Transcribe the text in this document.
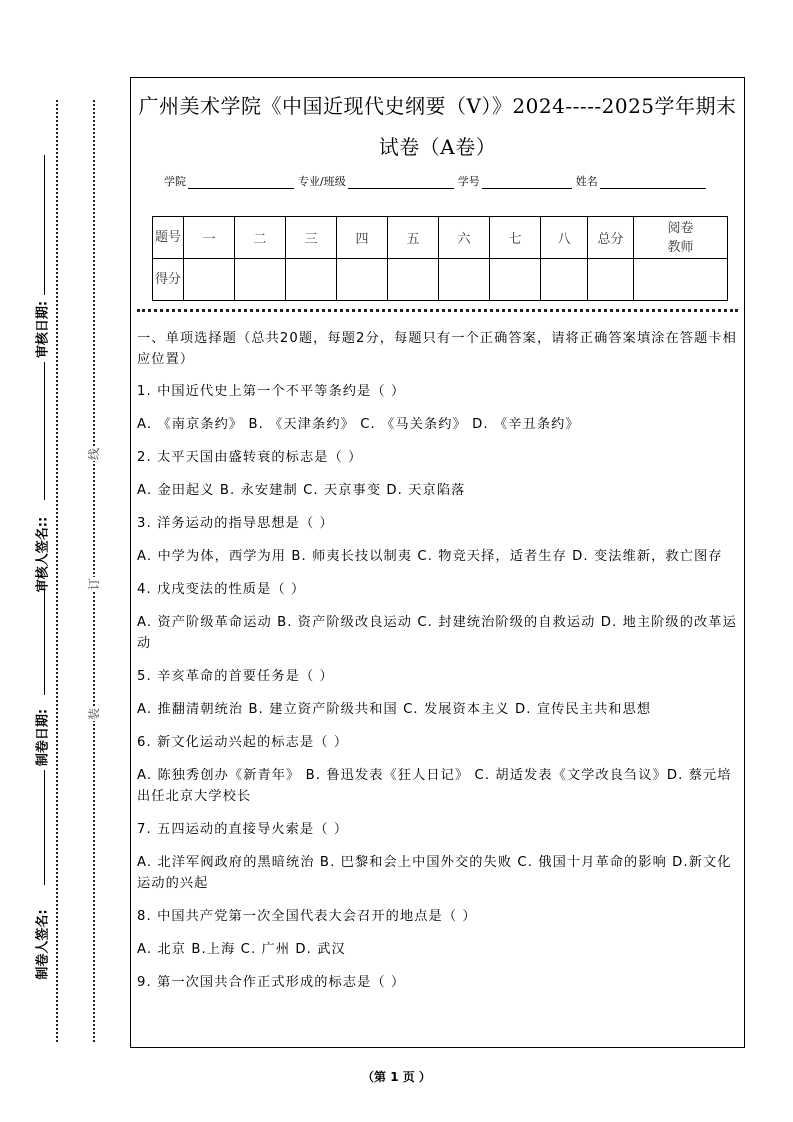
审核日期:
审核人签名::
制卷日期:
制卷人签名:
线
订
装
广州美术学院《中国近现代史纲要（V）》2024-----2025学年期末
试卷（A卷）
学院	专业/班级	学号	姓名
题号	一	二	三	四	五	六	七	八	总分	阅卷教师
得分										

一、单项选择题（总共20题，每题2分，每题只有一个正确答案，请将正确答案填涂在答题卡相应位置）

1. 中国近代史上第一个不平等条约是（ ）

A. 《南京条约》 B. 《天津条约》 C. 《马关条约》 D. 《辛丑条约》

2. 太平天国由盛转衰的标志是（ ）

A. 金田起义 B. 永安建制 C. 天京事变 D. 天京陷落

3. 洋务运动的指导思想是（ ）

A. 中学为体，西学为用 B. 师夷长技以制夷 C. 物竞天择，适者生存 D. 变法维新，救亡图存

4. 戊戌变法的性质是（ ）

A. 资产阶级革命运动 B. 资产阶级改良运动 C. 封建统治阶级的自救运动 D. 地主阶级的改革运动

5. 辛亥革命的首要任务是（ ）

A. 推翻清朝统治 B. 建立资产阶级共和国 C. 发展资本主义 D. 宣传民主共和思想

6. 新文化运动兴起的标志是（ ）

A. 陈独秀创办《新青年》 B. 鲁迅发表《狂人日记》 C. 胡适发表《文学改良刍议》D. 蔡元培出任北京大学校长

7. 五四运动的直接导火索是（ ）

A. 北洋军阀政府的黑暗统治 B. 巴黎和会上中国外交的失败 C. 俄国十月革命的影响 D.新文化运动的兴起

8. 中国共产党第一次全国代表大会召开的地点是（ ）

A. 北京 B.上海 C. 广州 D. 武汉

9. 第一次国共合作正式形成的标志是（ ）

（第 1 页 ）
